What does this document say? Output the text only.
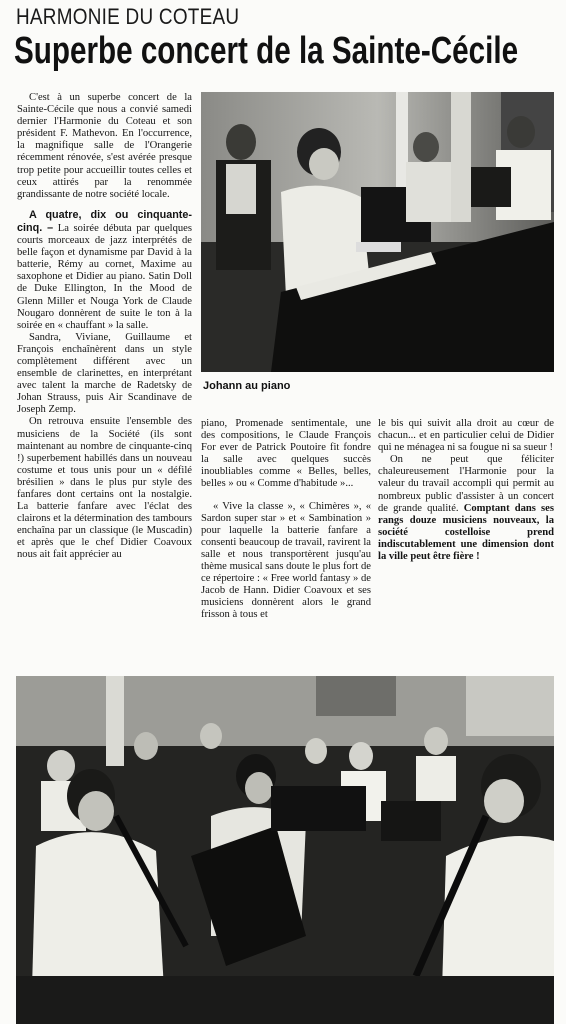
HARMONIE DU COTEAU
Superbe concert de la Sainte-Cécile

C'est à un superbe concert de la Sainte-Cécile que nous a convié samedi dernier l'Harmonie du Coteau et son président F. Mathevon. En l'occurrence, la magnifique salle de l'Orangerie récemment rénovée, s'est avérée presque trop petite pour accueillir toutes celles et ceux attirés par la renommée grandissante de notre société locale.

A quatre, dix ou cinquante-cinq. – La soirée débuta par quelques courts morceaux de jazz interprétés de belle façon et dynamisme par David à la batterie, Rémy au cornet, Maxime au saxophone et Didier au piano. Satin Doll de Duke Ellington, In the Mood de Glenn Miller et Nouga York de Claude Nougaro donnèrent de suite le ton à la soirée en « chauffant » la salle.

Sandra, Viviane, Guillaume et François enchaînèrent dans un style complètement différent avec un ensemble de clarinettes, en interprétant avec talent la marche de Radetsky de Johan Strauss, puis Air Scandinave de Joseph Zemp.

On retrouva ensuite l'ensemble des musiciens de la Société (ils sont maintenant au nombre de cinquante-cinq !) superbement habillés dans un nouveau costume et tous unis pour un « défilé brésilien » dans le plus pur style des fanfares dont certains ont la nostalgie. La batterie fanfare avec l'éclat des clairons et la détermination des tambours enchaîna par un classique (le Muscadin) et après que le chef Didier Coavoux nous ait fait apprécier au

Johann au piano

piano, Promenade sentimentale, une des compositions, le Claude François For ever de Patrick Poutoire fit fondre la salle avec quelques succès inoubliables comme « Belles, belles, belles » ou « Comme d'habitude »...

« Vive la classe », « Chimères », « Sardon super star » et « Sambination » pour laquelle la batterie fanfare a consenti beaucoup de travail, ravirent la salle et nous transportèrent jusqu'au thème musical sans doute le plus fort de ce répertoire : « Free world fantasy » de Jacob de Hann. Didier Coavoux et ses musiciens donnèrent alors le grand frisson à tous et

le bis qui suivit alla droit au cœur de chacun... et en particulier celui de Didier qui ne ménagea ni sa fougue ni sa sueur !

On ne peut que féliciter chaleureusement l'Harmonie pour la valeur du travail accompli qui permit au nombreux public d'assister à un concert de grande qualité. Comptant dans ses rangs douze musiciens nouveaux, la société costelloise prend indiscutablement une dimension dont la ville peut être fière !
